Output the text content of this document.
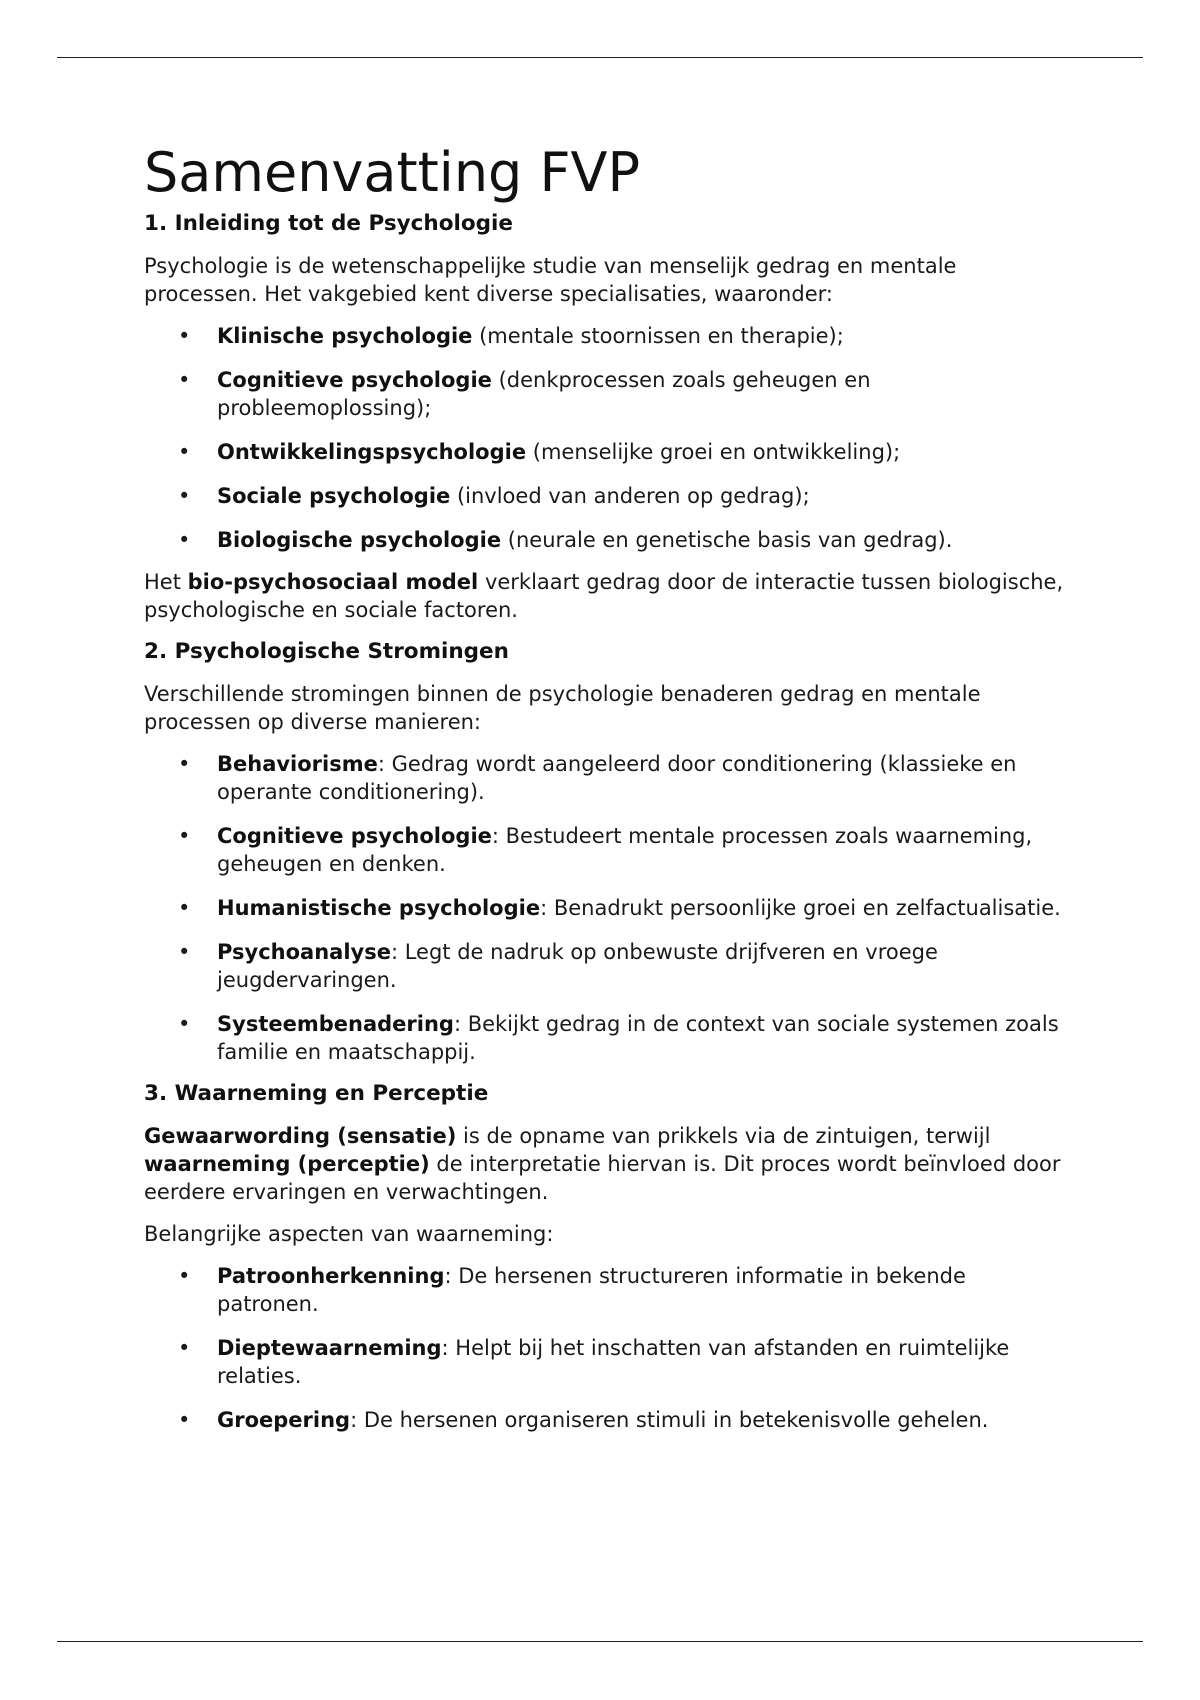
Samenvatting FVP
1. Inleiding tot de Psychologie

Psychologie is de wetenschappelijke studie van menselijk gedrag en mentale processen. Het vakgebied kent diverse specialisaties, waaronder:

• Klinische psychologie (mentale stoornissen en therapie);
• Cognitieve psychologie (denkprocessen zoals geheugen en probleemoplossing);
• Ontwikkelingspsychologie (menselijke groei en ontwikkeling);
• Sociale psychologie (invloed van anderen op gedrag);
• Biologische psychologie (neurale en genetische basis van gedrag).

Het bio-psychosociaal model verklaart gedrag door de interactie tussen biologische, psychologische en sociale factoren.

2. Psychologische Stromingen

Verschillende stromingen binnen de psychologie benaderen gedrag en mentale processen op diverse manieren:

• Behaviorisme: Gedrag wordt aangeleerd door conditionering (klassieke en operante conditionering).
• Cognitieve psychologie: Bestudeert mentale processen zoals waarneming, geheugen en denken.
• Humanistische psychologie: Benadrukt persoonlijke groei en zelfactualisatie.
• Psychoanalyse: Legt de nadruk op onbewuste drijfveren en vroege jeugdervaringen.
• Systeembenadering: Bekijkt gedrag in de context van sociale systemen zoals familie en maatschappij.
3. Waarneming en Perceptie

Gewaarwording (sensatie) is de opname van prikkels via de zintuigen, terwijl waarneming (perceptie) de interpretatie hiervan is. Dit proces wordt beïnvloed door eerdere ervaringen en verwachtingen.

Belangrijke aspecten van waarneming:

• Patroonherkenning: De hersenen structureren informatie in bekende patronen.
• Dieptewaarneming: Helpt bij het inschatten van afstanden en ruimtelijke relaties.
• Groepering: De hersenen organiseren stimuli in betekenisvolle gehelen.
